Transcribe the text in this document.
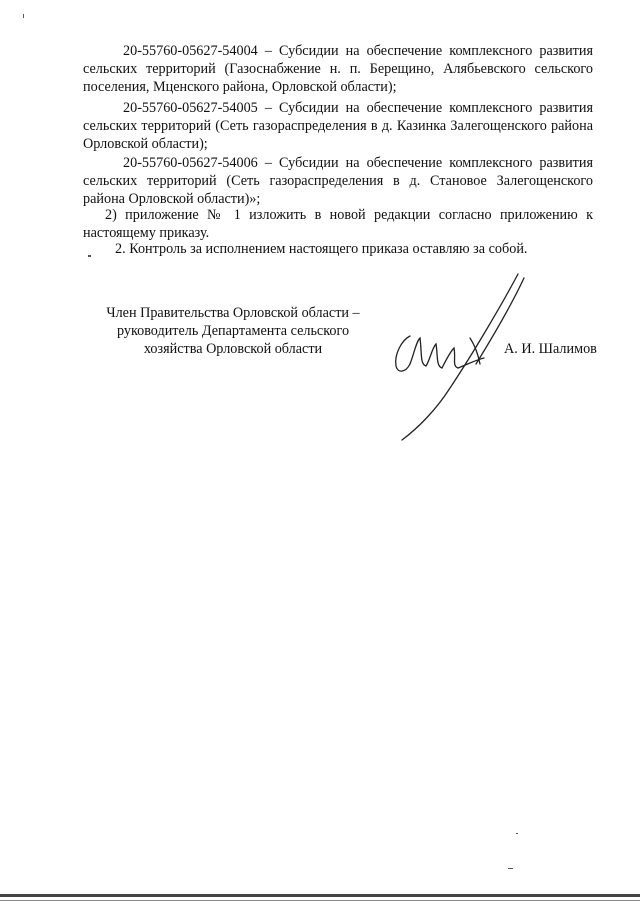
20-55760-05627-54004 – Субсидии на обеспечение комплексного развития сельских территорий (Газоснабжение н. п. Берещино, Алябьевского сельского поселения, Мценского района, Орловской области);
20-55760-05627-54005 – Субсидии на обеспечение комплексного развития сельских территорий (Сеть газораспределения в д. Казинка Залегощенского района Орловской области);
20-55760-05627-54006 – Субсидии на обеспечение комплексного развития сельских территорий (Сеть газораспределения в д. Становое Залегощенского района Орловской области)»;
2) приложение № 1 изложить в новой редакции согласно приложению к настоящему приказу.
2. Контроль за исполнением настоящего приказа оставляю за собой.
Член Правительства Орловской области –
руководитель Департамента сельского
хозяйства Орловской области	А. И. Шалимов
